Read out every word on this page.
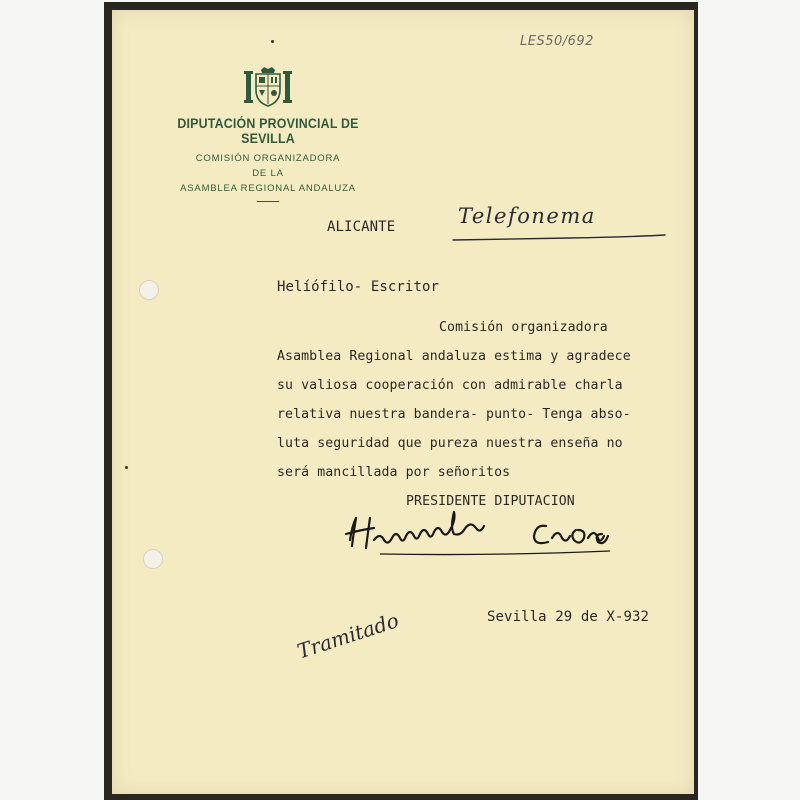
LES50/692
DIPUTACIÓN PROVINCIAL DE SEVILLA
COMISIÓN ORGANIZADORA
DE LA
ASAMBLEA REGIONAL ANDALUZA
ALICANTE	Telefonema
Helíófilo- Escritor
Comisión organizadora
Asamblea Regional andaluza estima y agradece
su valiosa cooperación con admirable charla
relativa nuestra bandera- punto- Tenga abso-
luta seguridad que pureza nuestra enseña no
será mancillada por señoritos
PRESIDENTE DIPUTACION
Sevilla 29 de X-932
Tramitado
